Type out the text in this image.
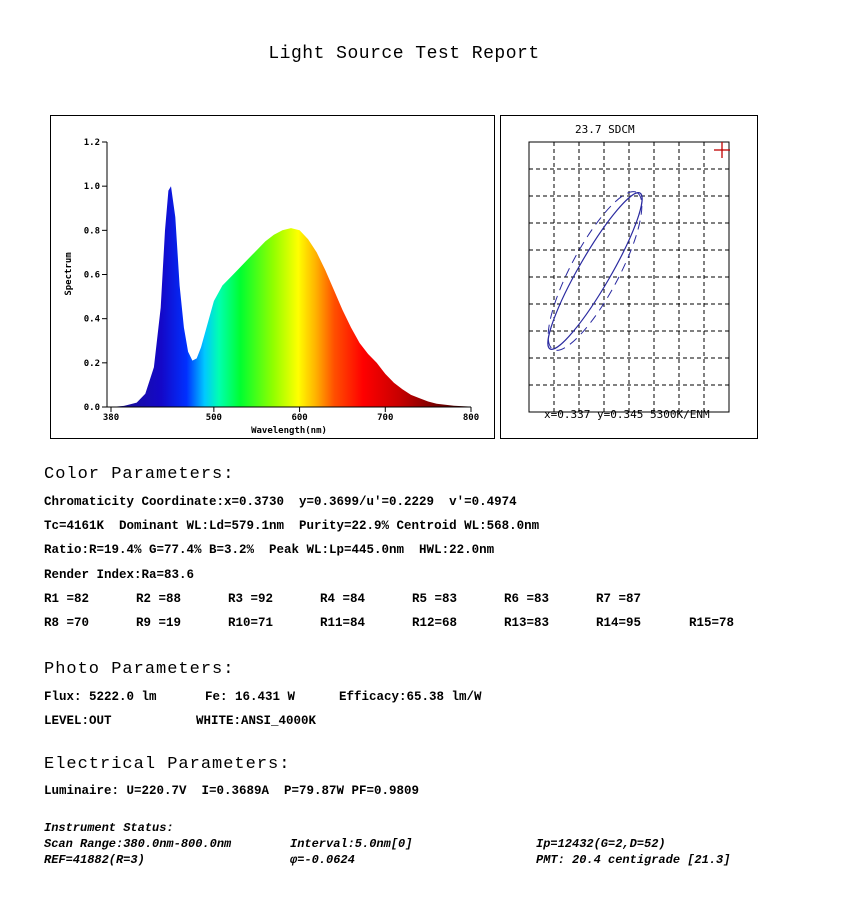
Light Source Test Report
0.0
0.2
0.4
0.6
0.8
1.0
1.2
380	500	600	700	800
Spectrum
Wavelength(nm)
23.7 SDCM
x=0.337 y=0.345 5300K/ENM
Color Parameters:
Chromaticity Coordinate:x=0.3730  y=0.3699/u'=0.2229  v'=0.4974
Tc=4161K  Dominant WL:Ld=579.1nm  Purity=22.9% Centroid WL:568.0nm
Ratio:R=19.4% G=77.4% B=3.2%  Peak WL:Lp=445.0nm  HWL:22.0nm
Render Index:Ra=83.6
R1 =82	R2 =88	R3 =92	R4 =84	R5 =83	R6 =83	R7 =87
R8 =70	R9 =19	R10=71	R11=84	R12=68	R13=83	R14=95	R15=78
Photo Parameters:
Flux: 5222.0 lm	Fe: 16.431 W	Efficacy:65.38 lm/W
LEVEL:OUT	WHITE:ANSI_4000K
Electrical Parameters:
Luminaire: U=220.7V  I=0.3689A  P=79.87W PF=0.9809
Instrument Status:
Scan Range:380.0nm-800.0nm	Interval:5.0nm[0]	Ip=12432(G=2,D=52)
REF=41882(R=3)	φ=-0.0624	PMT: 20.4 centigrade [21.3]
